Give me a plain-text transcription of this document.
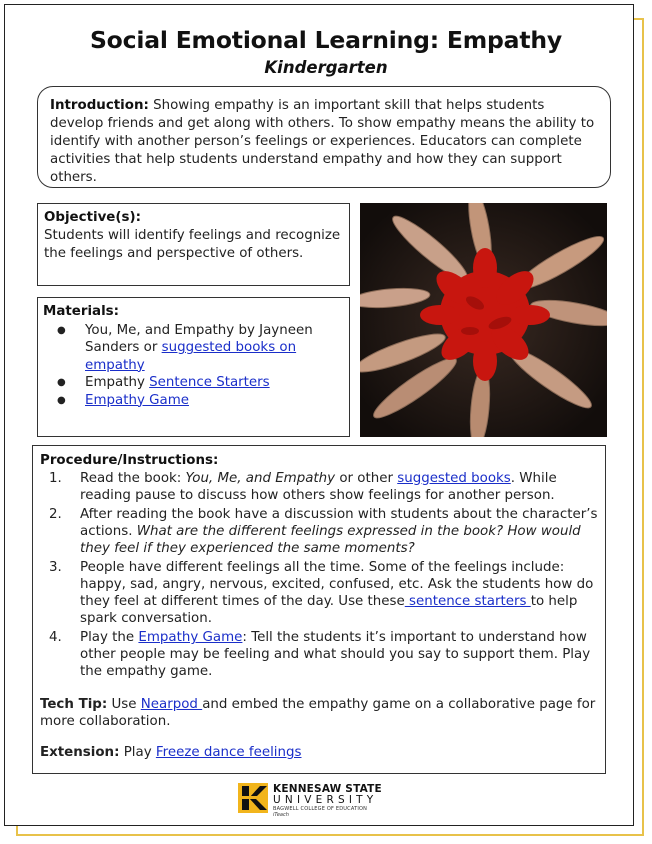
Social Emotional Learning: Empathy
Kindergarten
Introduction: Showing empathy is an important skill that helps students develop friends and get along with others. To show empathy means the ability to identify with another person’s feelings or experiences. Educators can complete activities that help students understand empathy and how they can support others.
Objective(s):
Students will identify feelings and recognize the feelings and perspective of others.
Materials:
● You, Me, and Empathy by Jayneen Sanders or suggested books on empathy
● Empathy Sentence Starters
● Empathy Game
Procedure/Instructions:
1. Read the book: You, Me, and Empathy or other suggested books. While reading pause to discuss how others show feelings for another person.
2. After reading the book have a discussion with students about the character’s actions. What are the different feelings expressed in the book? How would they feel if they experienced the same moments?
3. People have different feelings all the time. Some of the feelings include: happy, sad, angry, nervous, excited, confused, etc. Ask the students how do they feel at different times of the day. Use these sentence starters to help spark conversation.
4. Play the Empathy Game: Tell the students it’s important to understand how other people may be feeling and what should you say to support them. Play the empathy game.
Tech Tip: Use Nearpod and embed the empathy game on a collaborative page for more collaboration.
Extension: Play Freeze dance feelings
KENNESAW STATE
UNIVERSITY
BAGWELL COLLEGE OF EDUCATION
iTeach
